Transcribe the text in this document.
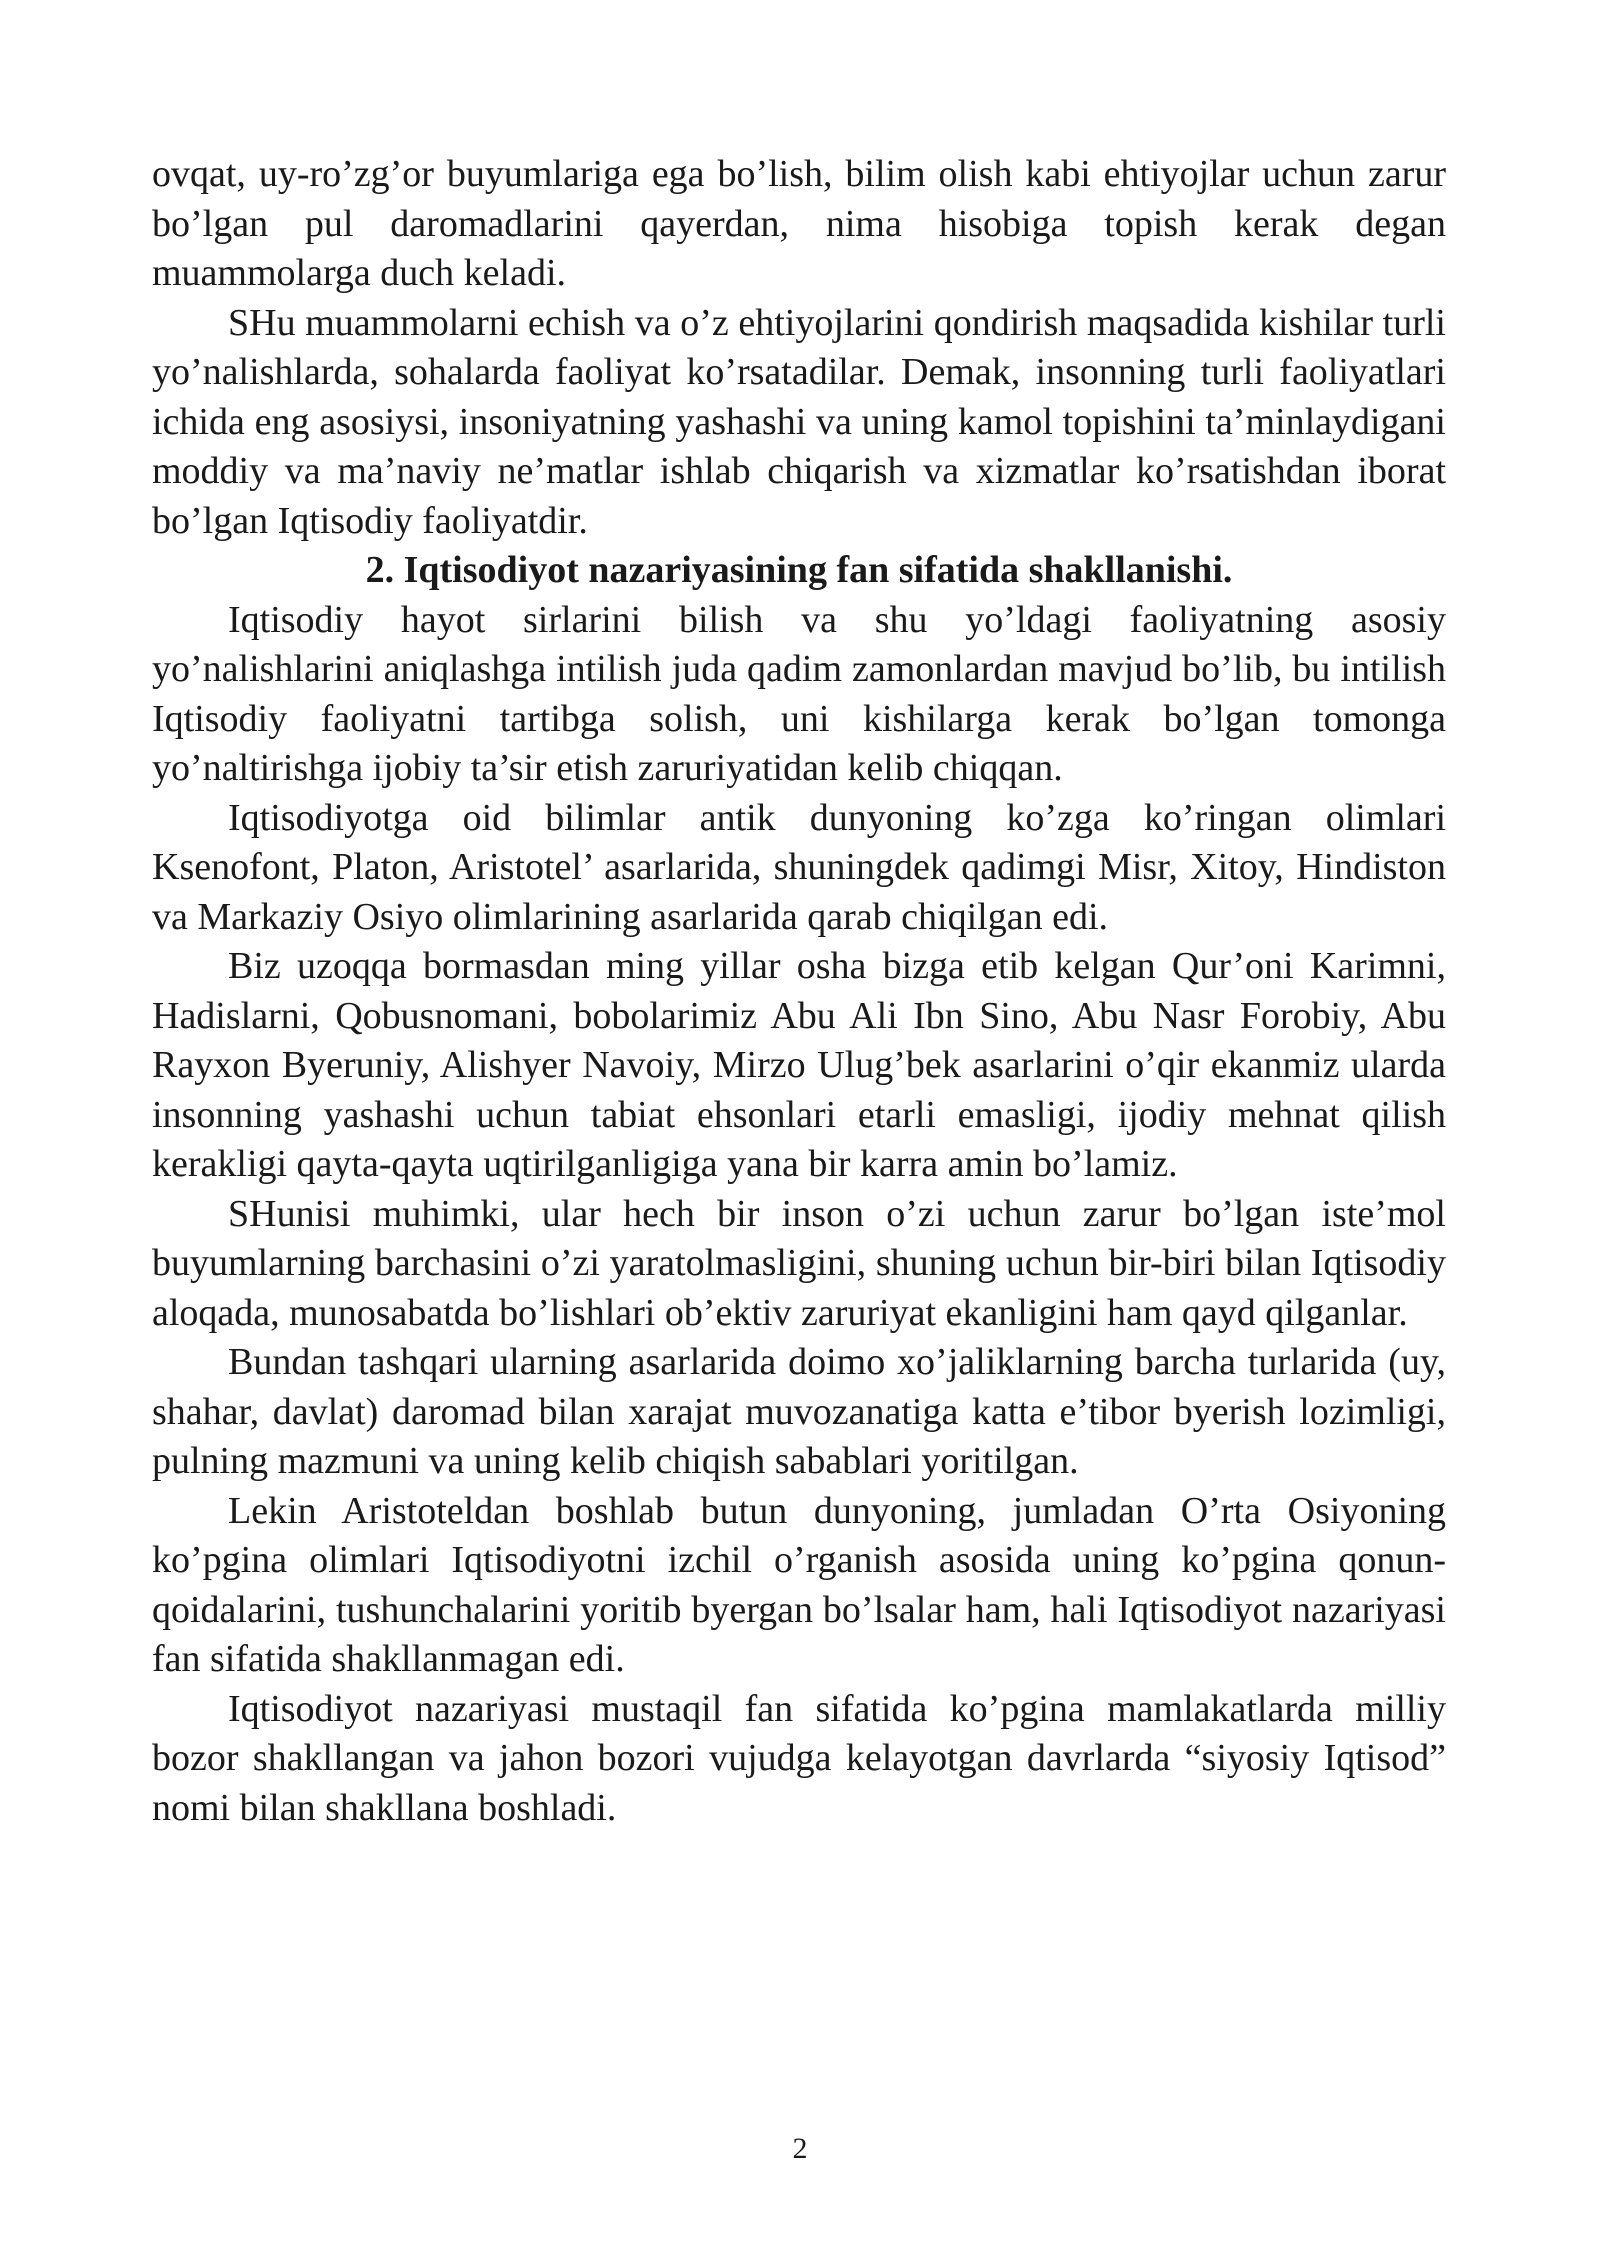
ovqat, uy-ro’zg’or buyumlariga ega bo’lish, bilim olish kabi ehtiyojlar uchun zarur bo’lgan pul daromadlarini qayerdan, nima hisobiga topish kerak degan muammolarga duch keladi.

SHu muammolarni echish va o’z ehtiyojlarini qondirish maqsadida kishilar turli yo’nalishlarda, sohalarda faoliyat ko’rsatadilar. Demak, insonning turli faoliyatlari ichida eng asosiysi, insoniyatning yashashi va uning kamol topishini ta’minlaydigani moddiy va ma’naviy ne’matlar ishlab chiqarish va xizmatlar ko’rsatishdan iborat bo’lgan Iqtisodiy faoliyatdir.

2. Iqtisodiyot nazariyasining fan sifatida shakllanishi.

Iqtisodiy hayot sirlarini bilish va shu yo’ldagi faoliyatning asosiy yo’nalishlarini aniqlashga intilish juda qadim zamonlardan mavjud bo’lib, bu intilish Iqtisodiy faoliyatni tartibga solish, uni kishilarga kerak bo’lgan tomonga yo’naltirishga ijobiy ta’sir etish zaruriyatidan kelib chiqqan.

Iqtisodiyotga oid bilimlar antik dunyoning ko’zga ko’ringan olimlari Ksenofont, Platon, Aristotel’ asarlarida, shuningdek qadimgi Misr, Xitoy, Hindiston va Markaziy Osiyo olimlarining asarlarida qarab chiqilgan edi.

Biz uzoqqa bormasdan ming yillar osha bizga etib kelgan Qur’oni Karimni, Hadislarni, Qobusnomani, bobolarimiz Abu Ali Ibn Sino, Abu Nasr Forobiy, Abu Rayxon Byeruniy, Alishyer Navoiy, Mirzo Ulug’bek asarlarini o’qir ekanmiz ularda insonning yashashi uchun tabiat ehsonlari etarli emasligi, ijodiy mehnat qilish kerakligi qayta-qayta uqtirilganligiga yana bir karra amin bo’lamiz.

SHunisi muhimki, ular hech bir inson o’zi uchun zarur bo’lgan iste’mol buyumlarning barchasini o’zi yaratolmasligini, shuning uchun bir-biri bilan Iqtisodiy aloqada, munosabatda bo’lishlari ob’ektiv zaruriyat ekanligini ham qayd qilganlar.

Bundan tashqari ularning asarlarida doimo xo’jaliklarning barcha turlarida (uy, shahar, davlat) daromad bilan xarajat muvozanatiga katta e’tibor byerish lozimligi, pulning mazmuni va uning kelib chiqish sabablari yoritilgan.

Lekin Aristoteldan boshlab butun dunyoning, jumladan O’rta Osiyoning ko’pgina olimlari Iqtisodiyotni izchil o’rganish asosida uning ko’pgina qonun-qoidalarini, tushunchalarini yoritib byergan bo’lsalar ham, hali Iqtisodiyot nazariyasi fan sifatida shakllanmagan edi.

Iqtisodiyot nazariyasi mustaqil fan sifatida ko’pgina mamlakatlarda milliy bozor shakllangan va jahon bozori vujudga kelayotgan davrlarda “siyosiy Iqtisod” nomi bilan shakllana boshladi.

2
